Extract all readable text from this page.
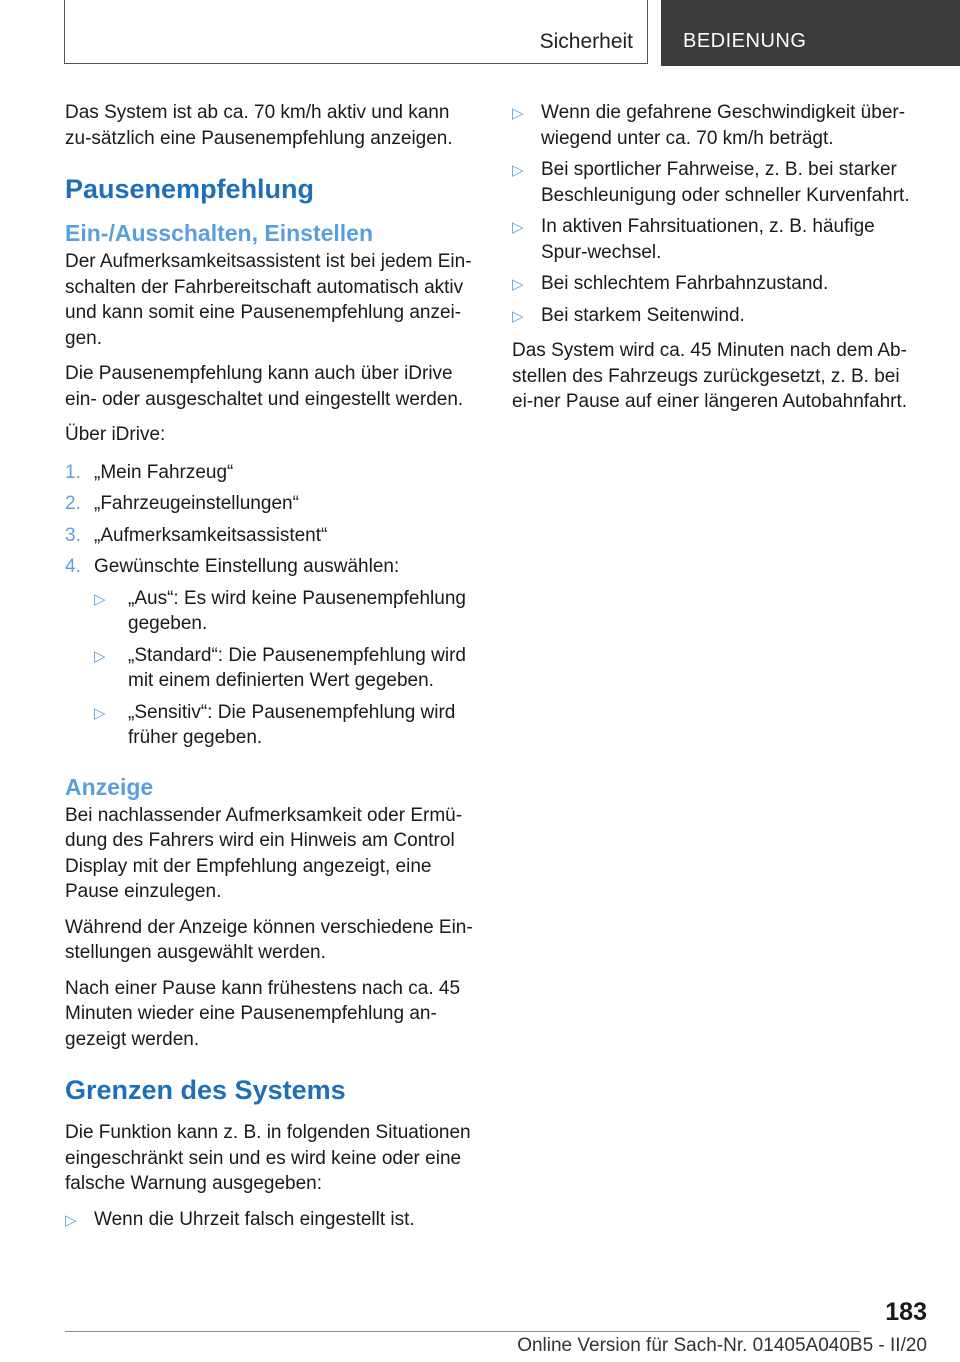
Sicherheit	BEDIENUNG

Das System ist ab ca. 70 km/h aktiv und kann zu‐sätzlich eine Pausenempfehlung anzeigen.

Pausenempfehlung
Ein-/Ausschalten, Einstellen

Der Aufmerksamkeitsassistent ist bei jedem Ein‐schalten der Fahrbereitschaft automatisch aktiv und kann somit eine Pausenempfehlung anzei‐gen.

Die Pausenempfehlung kann auch über iDrive ein- oder ausgeschaltet und eingestellt werden.

Über iDrive:

1. „Mein Fahrzeug“
2. „Fahrzeugeinstellungen“
3. „Aufmerksamkeitsassistent“
4. Gewünschte Einstellung auswählen:
▷ „Aus“: Es wird keine Pausenempfehlung gegeben.
▷ „Standard“: Die Pausenempfehlung wird mit einem definierten Wert gegeben.
▷ „Sensitiv“: Die Pausenempfehlung wird früher gegeben.
Anzeige

Bei nachlassender Aufmerksamkeit oder Ermü‐dung des Fahrers wird ein Hinweis am Control Display mit der Empfehlung angezeigt, eine Pause einzulegen.

Während der Anzeige können verschiedene Ein‐stellungen ausgewählt werden.

Nach einer Pause kann frühestens nach ca. 45 Minuten wieder eine Pausenempfehlung an‐gezeigt werden.

Grenzen des Systems

Die Funktion kann z. B. in folgenden Situationen eingeschränkt sein und es wird keine oder eine falsche Warnung ausgegeben:

▷ Wenn die Uhrzeit falsch eingestellt ist.
▷ Wenn die gefahrene Geschwindigkeit über‐wiegend unter ca. 70 km/h beträgt.
▷ Bei sportlicher Fahrweise, z. B. bei starker Beschleunigung oder schneller Kurvenfahrt.
▷ In aktiven Fahrsituationen, z. B. häufige Spur‐wechsel.
▷ Bei schlechtem Fahrbahnzustand.
▷ Bei starkem Seitenwind.

Das System wird ca. 45 Minuten nach dem Ab‐stellen des Fahrzeugs zurückgesetzt, z. B. bei ei‐ner Pause auf einer längeren Autobahnfahrt.

183
Online Version für Sach-Nr. 01405A040B5 - II/20
